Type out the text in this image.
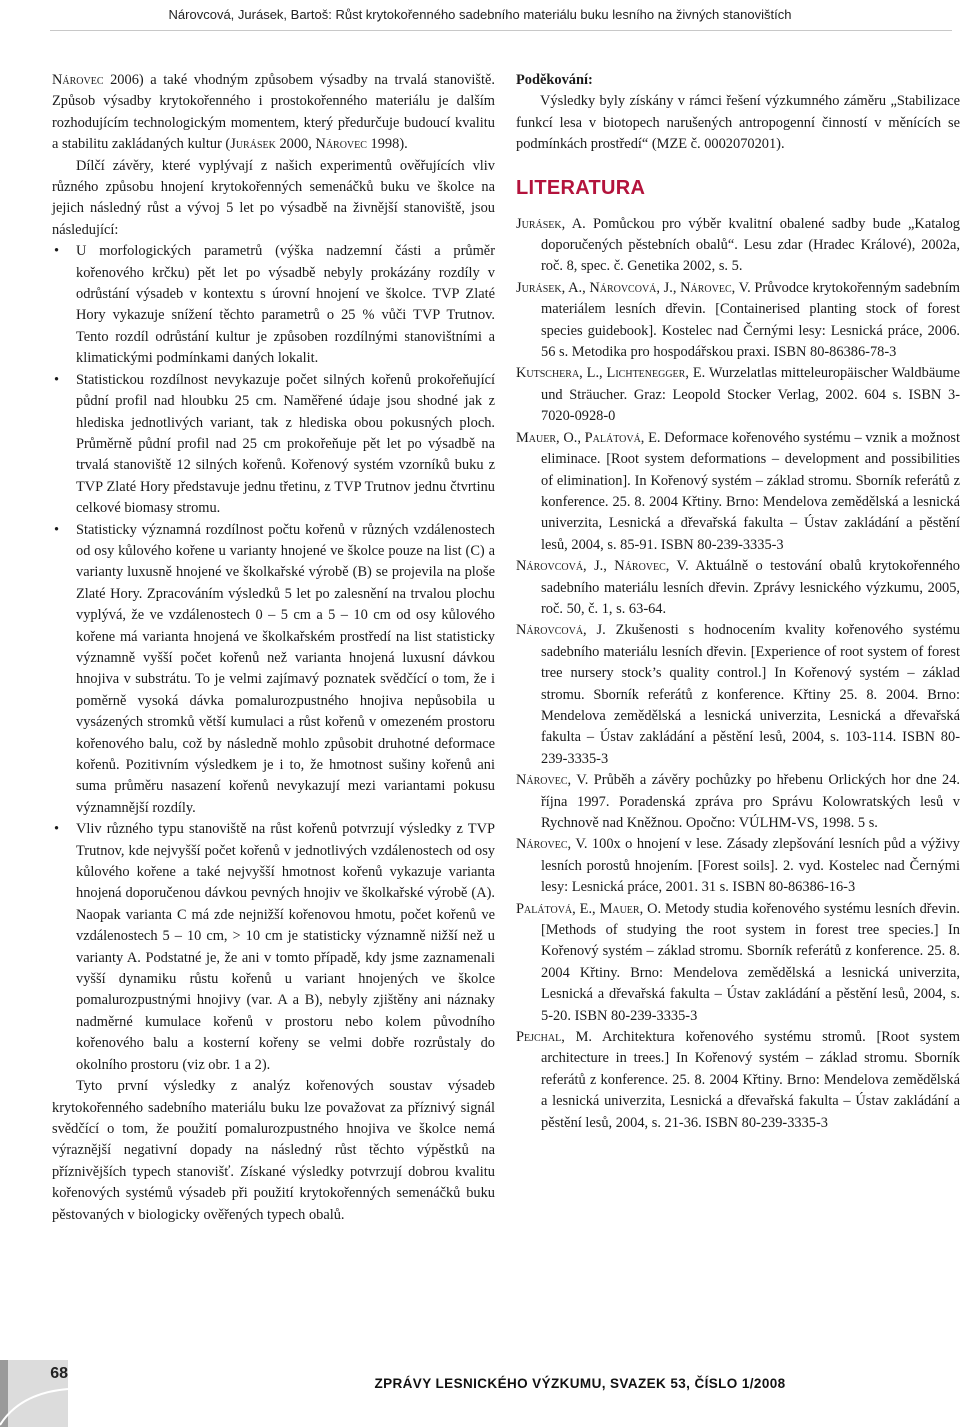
Nárovcová, Jurásek, Bartoš: Růst krytokořenného sadebního materiálu buku lesního na živných stanovištích

Nárovec 2006) a také vhodným způsobem výsadby na trvalá stanoviště. Způsob výsadby krytokořenného i prostokořenného materiálu je dalším rozhodujícím technologickým momentem, který předurčuje budoucí kvalitu a stabilitu zakládaných kultur (Jurásek 2000, Nárovec 1998).

Dílčí závěry, které vyplývají z našich experimentů ověřujících vliv různého způsobu hnojení krytokořenných semenáčků buku ve školce na jejich následný růst a vývoj 5 let po výsadbě na živnější stanoviště, jsou následující:

• U morfologických parametrů (výška nadzemní části a průměr kořenového krčku) pět let po výsadbě nebyly prokázány rozdíly v odrůstání výsadeb v kontextu s úrovní hnojení ve školce. TVP Zlaté Hory vykazuje snížení těchto parametrů o 25 % vůči TVP Trutnov. Tento rozdíl odrůstání kultur je způsoben rozdílnými stanovištními a klimatickými podmínkami daných lokalit.
• Statistickou rozdílnost nevykazuje počet silných kořenů prokořeňující půdní profil nad hloubku 25 cm. Naměřené údaje jsou shodné jak z hlediska jednotlivých variant, tak z hlediska obou pokusných ploch. Průměrně půdní profil nad 25 cm prokořeňuje pět let po výsadbě na trvalá stanoviště 12 silných kořenů. Kořenový systém vzorníků buku z TVP Zlaté Hory představuje jednu třetinu, z TVP Trutnov jednu čtvrtinu celkové biomasy stromu.
• Statisticky významná rozdílnost počtu kořenů v různých vzdálenostech od osy kůlového kořene u varianty hnojené ve školce pouze na list (C) a varianty luxusně hnojené ve školkařské výrobě (B) se projevila na ploše Zlaté Hory. Zpracováním výsledků 5 let po zalesnění na trvalou plochu vyplývá, že ve vzdálenostech 0 – 5 cm a 5 – 10 cm od osy kůlového kořene má varianta hnojená ve školkařském prostředí na list statisticky významně vyšší počet kořenů než varianta hnojená luxusní dávkou hnojiva v substrátu. To je velmi zajímavý poznatek svědčící o tom, že i poměrně vysoká dávka pomalurozpustného hnojiva nepůsobila u vysázených stromků větší kumulaci a růst kořenů v omezeném prostoru kořenového balu, což by následně mohlo způsobit druhotné deformace kořenů. Pozitivním výsledkem je i to, že hmotnost sušiny kořenů ani suma průměru nasazení kořenů nevykazují mezi variantami pokusu významnější rozdíly.
• Vliv různého typu stanoviště na růst kořenů potvrzují výsledky z TVP Trutnov, kde nejvyšší počet kořenů v jednotlivých vzdálenostech od osy kůlového kořene a také nejvyšší hmotnost kořenů vykazuje varianta hnojená doporučenou dávkou pevných hnojiv ve školkařské výrobě (A). Naopak varianta C má zde nejnižší kořenovou hmotu, počet kořenů ve vzdálenostech 5 – 10 cm, > 10 cm je statisticky významně nižší než u varianty A. Podstatné je, že ani v tomto případě, kdy jsme zaznamenali vyšší dynamiku růstu kořenů u variant hnojených ve školce pomalurozpustnými hnojivy (var. A a B), nebyly zjištěny ani náznaky nadměrné kumulace kořenů v prostoru nebo kolem původního kořenového balu a kosterní kořeny se velmi dobře rozrůstaly do okolního prostoru (viz obr. 1 a 2).

Tyto první výsledky z analýz kořenových soustav výsadeb krytokořenného sadebního materiálu buku lze považovat za příznivý signál svědčící o tom, že použití pomalurozpustného hnojiva ve školce nemá výraznější negativní dopady na následný růst těchto výpěstků na příznivějších typech stanovišť. Získané výsledky potvrzují dobrou kvalitu kořenových systémů výsadeb při použití krytokořenných semenáčků buku pěstovaných v biologicky ověřených typech obalů.

Poděkování:

Výsledky byly získány v rámci řešení výzkumného záměru „Stabilizace funkcí lesa v biotopech narušených antropogenní činností v měnících se podmínkách prostředí“ (MZE č. 0002070201).

LITERATURA

Jurásek, A. Pomůckou pro výběr kvalitní obalené sadby bude „Katalog doporučených pěstebních obalů“. Lesu zdar (Hradec Králové), 2002a, roč. 8, spec. č. Genetika 2002, s. 5.

Jurásek, A., Nárovcová, J., Nárovec, V. Průvodce krytokořenným sadebním materiálem lesních dřevin. [Containerised planting stock of forest species guidebook]. Kostelec nad Černými lesy: Lesnická práce, 2006. 56 s. Metodika pro hospodářskou praxi. ISBN 80-86386-78-3

Kutschera, L., Lichtenegger, E. Wurzelatlas mitteleuropäischer Waldbäume und Sträucher. Graz: Leopold Stocker Verlag, 2002. 604 s. ISBN 3-7020-0928-0

Mauer, O., Palátová, E. Deformace kořenového systému – vznik a možnost eliminace. [Root system deformations – development and possibilities of elimination]. In Kořenový systém – základ stromu. Sborník referátů z konference. 25. 8. 2004 Křtiny. Brno: Mendelova zemědělská a lesnická univerzita, Lesnická a dřevařská fakulta – Ústav zakládání a pěstění lesů, 2004, s. 85-91. ISBN 80-239-3335-3

Nárovcová, J., Nárovec, V. Aktuálně o testování obalů krytokořenného sadebního materiálu lesních dřevin. Zprávy lesnického výzkumu, 2005, roč. 50, č. 1, s. 63-64.

Nárovcová, J. Zkušenosti s hodnocením kvality kořenového systému sadebního materiálu lesních dřevin. [Experience of root system of forest tree nursery stock’s quality control.] In Kořenový systém – základ stromu. Sborník referátů z konference. Křtiny 25. 8. 2004. Brno: Mendelova zemědělská a lesnická univerzita, Lesnická a dřevařská fakulta – Ústav zakládání a pěstění lesů, 2004, s. 103-114. ISBN 80-239-3335-3

Nárovec, V. Průběh a závěry pochůzky po hřebenu Orlických hor dne 24. října 1997. Poradenská zpráva pro Správu Kolowratských lesů v Rychnově nad Kněžnou. Opočno: VÚLHM-VS, 1998. 5 s.

Nárovec, V. 100x o hnojení v lese. Zásady zlepšování lesních půd a výživy lesních porostů hnojením. [Forest soils]. 2. vyd. Kostelec nad Černými lesy: Lesnická práce, 2001. 31 s. ISBN 80-86386-16-3

Palátová, E., Mauer, O. Metody studia kořenového systému lesních dřevin. [Methods of studying the root system in forest tree species.] In Kořenový systém – základ stromu. Sborník referátů z konference. 25. 8. 2004 Křtiny. Brno: Mendelova zemědělská a lesnická univerzita, Lesnická a dřevařská fakulta – Ústav zakládání a pěstění lesů, 2004, s. 5-20. ISBN 80-239-3335-3

Pejchal, M. Architektura kořenového systému stromů. [Root system architecture in trees.] In Kořenový systém – základ stromu. Sborník referátů z konference. 25. 8. 2004 Křtiny. Brno: Mendelova zemědělská a lesnická univerzita, Lesnická a dřevařská fakulta – Ústav zakládání a pěstění lesů, 2004, s. 21-36. ISBN 80-239-3335-3

68
ZPRÁVY LESNICKÉHO VÝZKUMU, SVAZEK 53, ČÍSLO 1/2008
